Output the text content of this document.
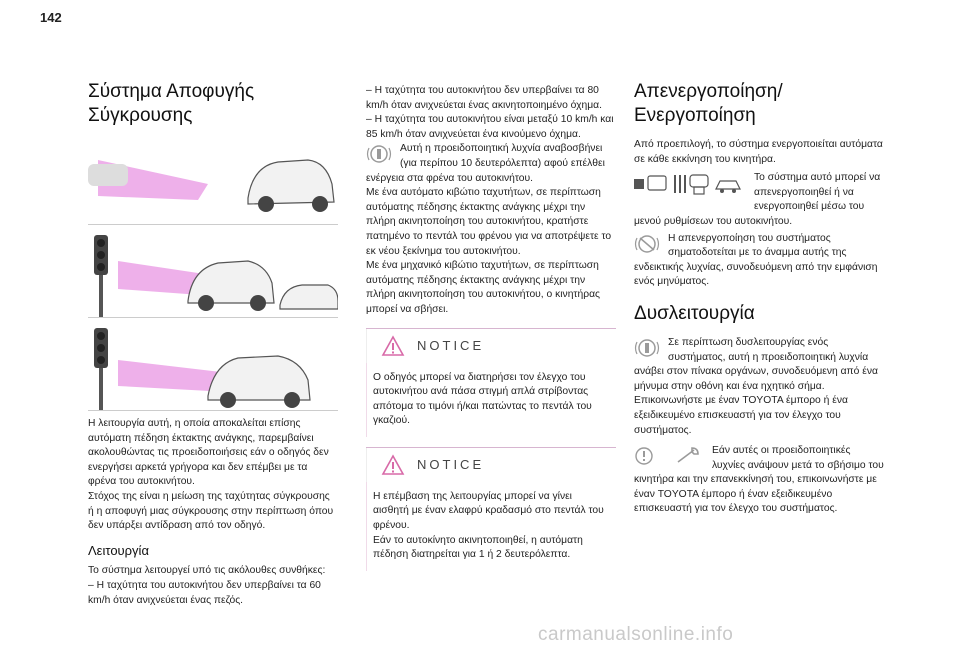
142
Σύστημα Αποφυγής
Σύγκρουσης

Η λειτουργία αυτή, η οποία αποκαλείται επίσης αυτόματη πέδηση έκτακτης ανάγκης, παρεμβαίνει ακολουθώντας τις προειδοποιήσεις εάν ο οδηγός δεν ενεργήσει αρκετά γρήγορα και δεν επέμβει με τα φρένα του αυτοκινήτου.

Στόχος της είναι η μείωση της ταχύτητας σύγκρουσης ή η αποφυγή μιας σύγκρουσης στην περίπτωση όπου δεν υπάρξει αντίδραση από τον οδηγό.

Λειτουργία

Το σύστημα λειτουργεί υπό τις ακόλουθες συνθήκες:

– Η ταχύτητα του αυτοκινήτου δεν υπερβαίνει τα 60 km/h όταν ανιχνεύεται ένας πεζός.

– Η ταχύτητα του αυτοκινήτου δεν υπερβαίνει τα 80 km/h όταν ανιχνεύεται ένας ακινητοποιημένο όχημα.

– Η ταχύτητα του αυτοκινήτου είναι μεταξύ 10 km/h και 85 km/h όταν ανιχνεύεται ένα κινούμενο όχημα.

Αυτή η προειδοποιητική λυχνία αναβοσβήνει (για περίπου 10 δευτερόλεπτα) αφού επέλθει ενέργεια στα φρένα του αυτοκινήτου.

Με ένα αυτόματο κιβώτιο ταχυτήτων, σε περίπτωση αυτόματης πέδησης έκτακτης ανάγκης μέχρι την πλήρη ακινητοποίηση του αυτοκινήτου, κρατήστε πατημένο το πεντάλ του φρένου για να αποτρέψετε το εκ νέου ξεκίνημα του αυτοκινήτου.

Με ένα μηχανικό κιβώτιο ταχυτήτων, σε περίπτωση αυτόματης πέδησης έκτακτης ανάγκης μέχρι την πλήρη ακινητοποίηση του αυτοκινήτου, ο κινητήρας μπορεί να σβήσει.

NOTICE

Ο οδηγός μπορεί να διατηρήσει τον έλεγχο του αυτοκινήτου ανά πάσα στιγμή απλά στρίβοντας απότομα το τιμόνι ή/και πατώντας το πεντάλ του γκαζιού.

NOTICE

Η επέμβαση της λειτουργίας μπορεί να γίνει αισθητή με έναν ελαφρύ κραδασμό στο πεντάλ του φρένου.

Εάν το αυτοκίνητο ακινητοποιηθεί, η αυτόματη πέδηση διατηρείται για 1 ή 2 δευτερόλεπτα.

Απενεργοποίηση/
Ενεργοποίηση

Από προεπιλογή, το σύστημα ενεργοποιείται αυτόματα σε κάθε εκκίνηση του κινητήρα.

Το σύστημα αυτό μπορεί να απενεργοποιηθεί ή να ενεργοποιηθεί μέσω του μενού ρυθμίσεων του αυτοκινήτου.

Η απενεργοποίηση του συστήματος σηματοδοτείται με το άναμμα αυτής της ενδεικτικής λυχνίας, συνοδευόμενη από την εμφάνιση ενός μηνύματος.

Δυσλειτουργία

Σε περίπτωση δυσλειτουργίας ενός συστήματος, αυτή η προειδοποιητική λυχνία ανάβει στον πίνακα οργάνων, συνοδευόμενη από ένα μήνυμα στην οθόνη και ένα ηχητικό σήμα.

Επικοινωνήστε με έναν TOYOTA έμπορο ή ένα εξειδικευμένο επισκευαστή για τον έλεγχο του συστήματος.

Εάν αυτές οι προειδοποιητικές λυχνίες ανάψουν μετά το σβήσιμο του κινητήρα και την επανεκκίνησή του, επικοινωνήστε με έναν TOYOTA έμπορο ή έναν εξειδικευμένο επισκευαστή για τον έλεγχο του συστήματος.

carmanualsonline.info
